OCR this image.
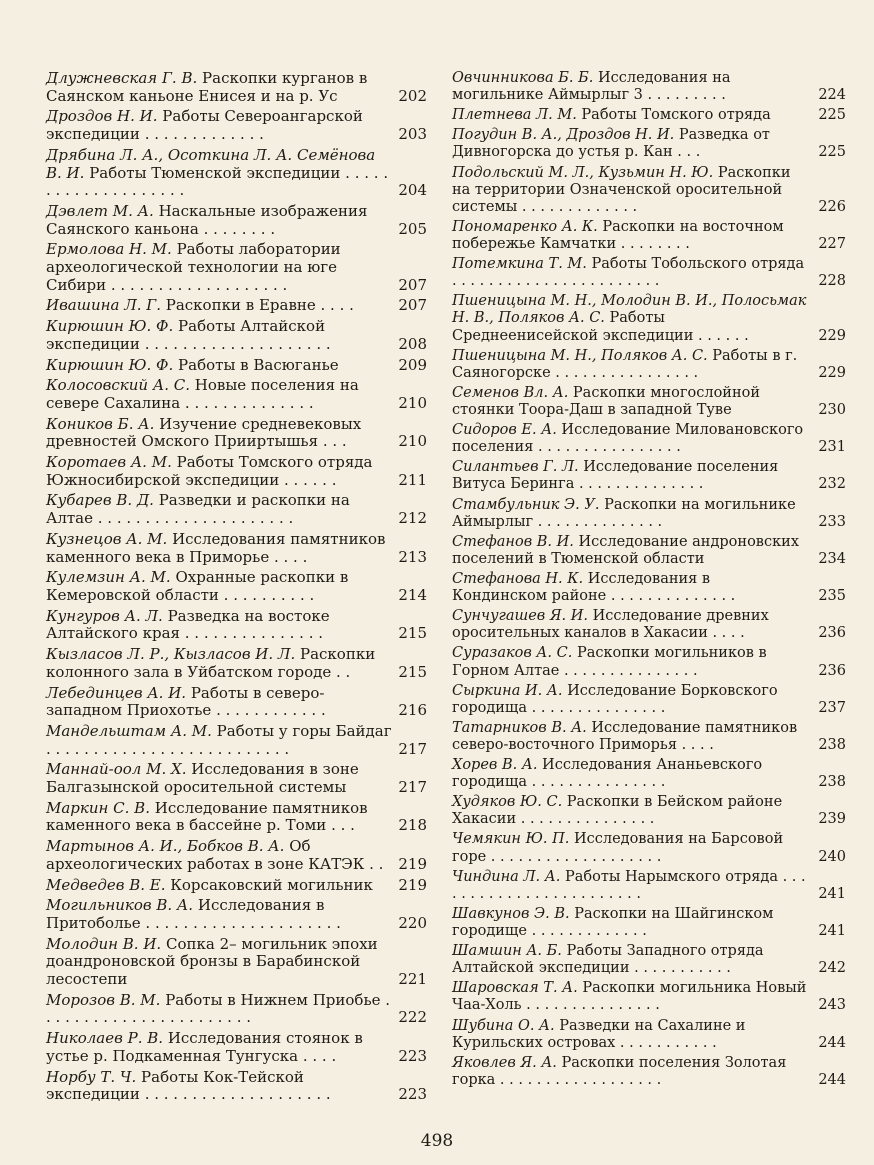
Длужневская Г. В. Раскопки курганов в Саянском каньоне Енисея и на р. Ус	202
Дроздов Н. И. Работы Североангарской экспедиции . . . . . . . . . . . . .	203
Дрябина Л. А., Осоткина Л. А. Семёнова В. И. Работы Тюменской экспедиции . . . . . . . . . . . . . . . . . . . .	204
Дэвлет М. А. Наскальные изображения Саянского каньона . . . . . . . .	205
Ермолова Н. М. Работы лаборатории археологической технологии на юге Сибири . . . . . . . . . . . . . . . . . . .	207
Ивашина Л. Г. Раскопки в Еравне . . . .	207
Кирюшин Ю. Ф. Работы Алтайской экспедиции . . . . . . . . . . . . . . . . . . . .	208
Кирюшин Ю. Ф. Работы в Васюганье	209
Колосовский А. С. Новые поселения на севере Сахалина . . . . . . . . . . . . . .	210
Коников Б. А. Изучение средневековых древностей Омского Прииртышья . . .	210
Коротаев А. М. Работы Томского отряда Южносибирской экспедиции . . . . . .	211
Кубарев В. Д. Разведки и раскопки на Алтае . . . . . . . . . . . . . . . . . . . . .	212
Кузнецов А. М. Исследования памятников каменного века в Приморье . . . .	213
Кулемзин А. М. Охранные раскопки в Кемеровской области . . . . . . . . . .	214
Кунгуров А. Л. Разведка на востоке Алтайского края . . . . . . . . . . . . . . .	215
Кызласов Л. Р., Кызласов И. Л. Раскопки колонного зала в Уйбатском городе . .	215
Лебединцев А. И. Работы в северо-западном Приохотье . . . . . . . . . . . .	216
Мандельштам А. М. Работы у горы Байдаг . . . . . . . . . . . . . . . . . . . . . . . . . .	217
Маннай-оол М. Х. Исследования в зоне Балгазынской оросительной системы	217
Маркин С. В. Исследование памятников каменного века в бассейне р. Томи . . .	218
Мартынов А. И., Бобков В. А. Об археологических работах в зоне КАТЭК . . 219
Медведев В. Е. Корсаковский могильник	219
Могильников В. А. Исследования в Притоболье . . . . . . . . . . . . . . . . . . . . .	220
Молодин В. И. Сопка 2– могильник эпохи доандроновской бронзы в Барабинской лесостепи	221
Морозов В. М. Работы в Нижнем Приобье . . . . . . . . . . . . . . . . . . . . . . .	222
Николаев Р. В. Исследования стоянок в устье р. Подкаменная Тунгуска . . . .	223
Норбу Т. Ч. Работы Кок-Тейской экспедиции . . . . . . . . . . . . . . . . . . . .	223
Овчинникова Б. Б. Исследования на могильнике Аймырлыг 3 . . . . . . . . .	224
Плетнева Л. М. Работы Томского отряда	225
Погудин В. А., Дроздов Н. И. Разведка от Дивногорска до устья р. Кан . . .	225
Подольский М. Л., Кузьмин Н. Ю. Раскопки на территории Означенской оросительной системы . . . . . . . . . . . . .	226
Пономаренко А. К. Раскопки на восточном побережье Камчатки . . . . . . . .	227
Потемкина Т. М. Работы Тобольского отряда . . . . . . . . . . . . . . . . . . . . . . .	228
Пшеницына М. Н., Молодин В. И., Полосьмак Н. В., Поляков А. С. Работы Среднеенисейской экспедиции . . . . . .	229
Пшеницына М. Н., Поляков А. С. Работы в г. Саяногорске . . . . . . . . . . . . . . . .	229
Семенов Вл. А. Раскопки многослойной стоянки Тоора-Даш в западной Туве	230
Сидоров Е. А. Исследование Миловановского поселения . . . . . . . . . . . . . . . .	231
Силантьев Г. Л. Исследование поселения Витуса Беринга . . . . . . . . . . . . . .	232
Стамбульник Э. У. Раскопки на могильнике Аймырлыг . . . . . . . . . . . . . .	233
Стефанов В. И. Исследование андроновских поселений в Тюменской области	234
Стефанова Н. К. Исследования в Кондинском районе . . . . . . . . . . . . . .	235
Сунчугашев Я. И. Исследование древних оросительных каналов в Хакасии . . . .	236
Суразаков А. С. Раскопки могильников в Горном Алтае . . . . . . . . . . . . . . .	236
Сыркина И. А. Исследование Борковского городища . . . . . . . . . . . . . . .	237
Татарников В. А. Исследование памятников северо-восточного Приморья . . . .	238
Хорев В. А. Исследования Ананьевского городища . . . . . . . . . . . . . . .	238
Худяков Ю. С. Раскопки в Бейском районе Хакасии . . . . . . . . . . . . . . .	239
Чемякин Ю. П. Исследования на Барсовой горе . . . . . . . . . . . . . . . . . . .	240
Чиндина Л. А. Работы Нарымского отряда . . . . . . . . . . . . . . . . . . . . . . . .	241
Шавкунов Э. В. Раскопки на Шайгинском городище . . . . . . . . . . . . .	241
Шамшин А. Б. Работы Западного отряда Алтайской экспедиции . . . . . . . . . . .	242
Шаровская Т. А. Раскопки могильника Новый Чаа-Холь . . . . . . . . . . . . . . .	243
Шубина О. А. Разведки на Сахалине и Курильских островах . . . . . . . . . . .	244
Яковлев Я. А. Раскопки поселения Золотая горка . . . . . . . . . . . . . . . . . .	244
498
